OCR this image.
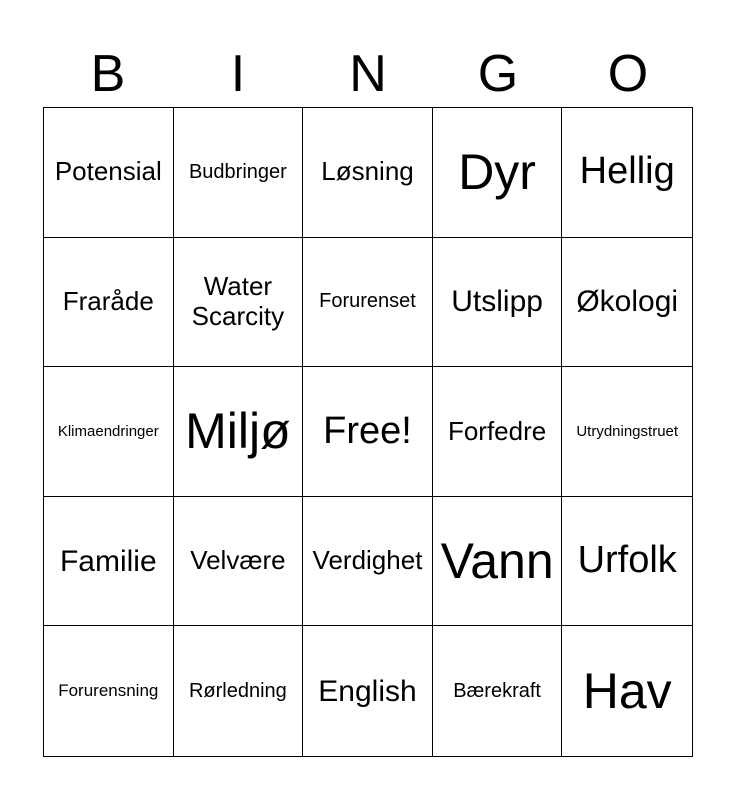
B	I	N	G	O
Potensial Budbringer Løsning Dyr Hellig
Fraråde	Water Scarcity	Forurenset Utslipp Økologi
Klimaendringer Miljø Free! Forfedre Utrydningstruet
Familie Velvære Verdighet Vann Urfolk
Forurensning Rørledning English Bærekraft Hav
